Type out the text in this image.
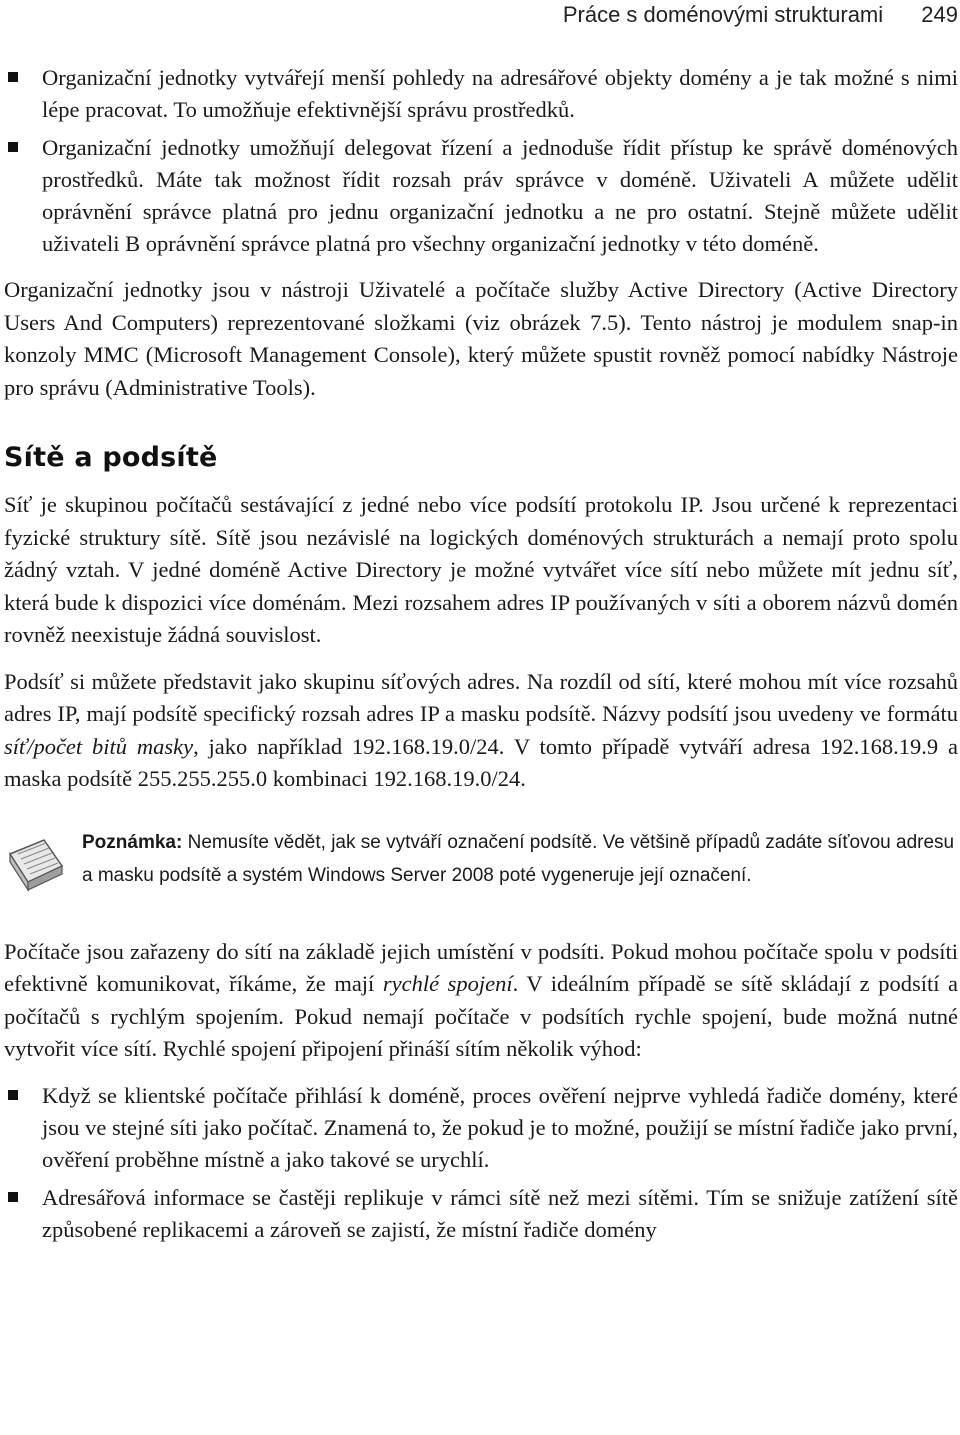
Práce s doménovými strukturami 249
Organizační jednotky vytvářejí menší pohledy na adresářové objekty domény a je tak možné s nimi lépe pracovat. To umožňuje efektivnější správu prostředků.
Organizační jednotky umožňují delegovat řízení a jednoduše řídit přístup ke správě doménových prostředků. Máte tak možnost řídit rozsah práv správce v doméně. Uživateli A můžete udělit oprávnění správce platná pro jednu organizační jednotku a ne pro ostatní. Stejně můžete udělit uživateli B oprávnění správce platná pro všechny organizační jednotky v této doméně.

Organizační jednotky jsou v nástroji Uživatelé a počítače služby Active Directory (Active Directory Users And Computers) reprezentované složkami (viz obrázek 7.5). Tento nástroj je modulem snap-in konzoly MMC (Microsoft Management Console), který můžete spustit rovněž pomocí nabídky Nástroje pro správu (Administrative Tools).

Sítě a podsítě

Síť je skupinou počítačů sestávající z jedné nebo více podsítí protokolu IP. Jsou určené k reprezentaci fyzické struktury sítě. Sítě jsou nezávislé na logických doménových strukturách a nemají proto spolu žádný vztah. V jedné doméně Active Directory je možné vytvářet více sítí nebo můžete mít jednu síť, která bude k dispozici více doménám. Mezi rozsahem adres IP používaných v síti a oborem názvů domén rovněž neexistuje žádná souvislost.

Podsíť si můžete představit jako skupinu síťových adres. Na rozdíl od sítí, které mohou mít více rozsahů adres IP, mají podsítě specifický rozsah adres IP a masku podsítě. Názvy podsítí jsou uvedeny ve formátu síť/počet bitů masky, jako například 192.168.19.0/24. V tomto případě vytváří adresa 192.168.19.9 a maska podsítě 255.255.255.0 kombinaci 192.168.19.0/24.

Poznámka: Nemusíte vědět, jak se vytváří označení podsítě. Ve většině případů zadáte síťovou adresu a masku podsítě a systém Windows Server 2008 poté vygeneruje její označení.

Počítače jsou zařazeny do sítí na základě jejich umístění v podsíti. Pokud mohou počítače spolu v podsíti efektivně komunikovat, říkáme, že mají rychlé spojení. V ideálním případě se sítě skládají z podsítí a počítačů s rychlým spojením. Pokud nemají počítače v podsítích rychle spojení, bude možná nutné vytvořit více sítí. Rychlé spojení připojení přináší sítím několik výhod:

Když se klientské počítače přihlásí k doméně, proces ověření nejprve vyhledá řadiče domény, které jsou ve stejné síti jako počítač. Znamená to, že pokud je to možné, použijí se místní řadiče jako první, ověření proběhne místně a jako takové se urychlí.
Adresářová informace se častěji replikuje v rámci sítě než mezi sítěmi. Tím se snižuje zatížení sítě způsobené replikacemi a zároveň se zajistí, že místní řadiče domény
